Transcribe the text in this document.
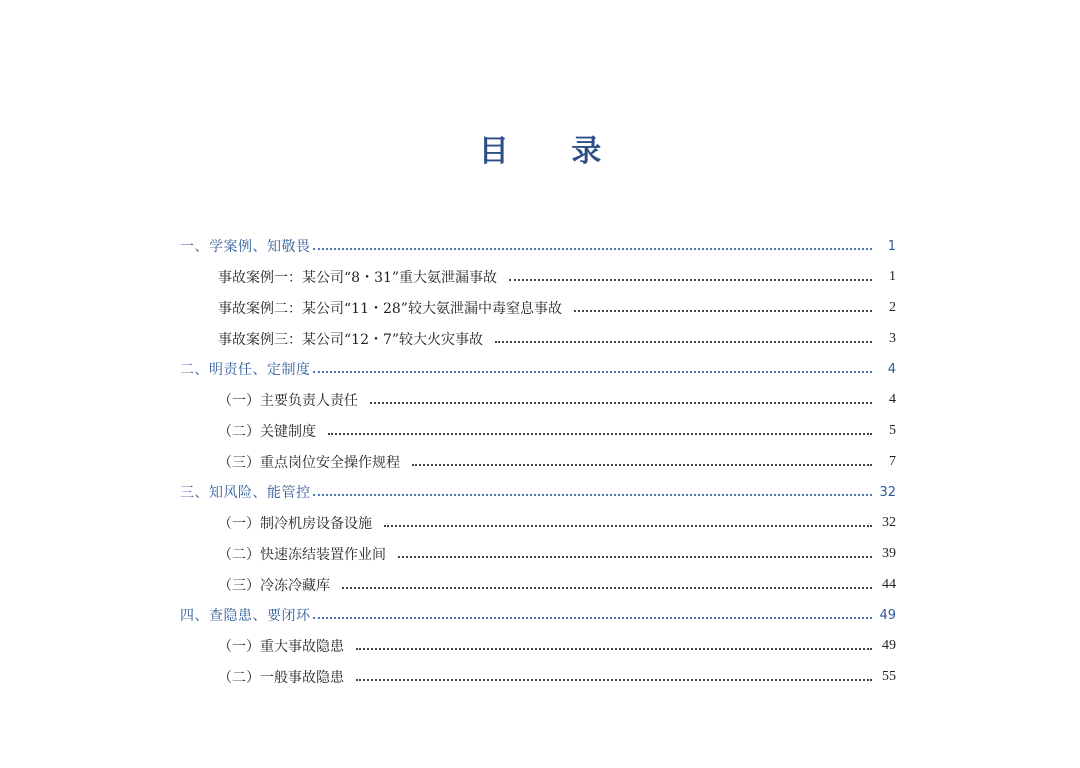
目 录
一、学案例、知敬畏	1
事故案例一：某公司“8・31”重大氨泄漏事故	1
事故案例二：某公司“11・28”较大氨泄漏中毒窒息事故	2
事故案例三：某公司“12・7”较大火灾事故	3
二、明责任、定制度	4
（一）主要负责人责任	4
（二）关键制度	5
（三）重点岗位安全操作规程	7
三、知风险、能管控	32
（一）制冷机房设备设施	32
（二）快速冻结装置作业间	39
（三）冷冻冷藏库	44
四、查隐患、要闭环	49
（一）重大事故隐患	49
（二）一般事故隐患	55
